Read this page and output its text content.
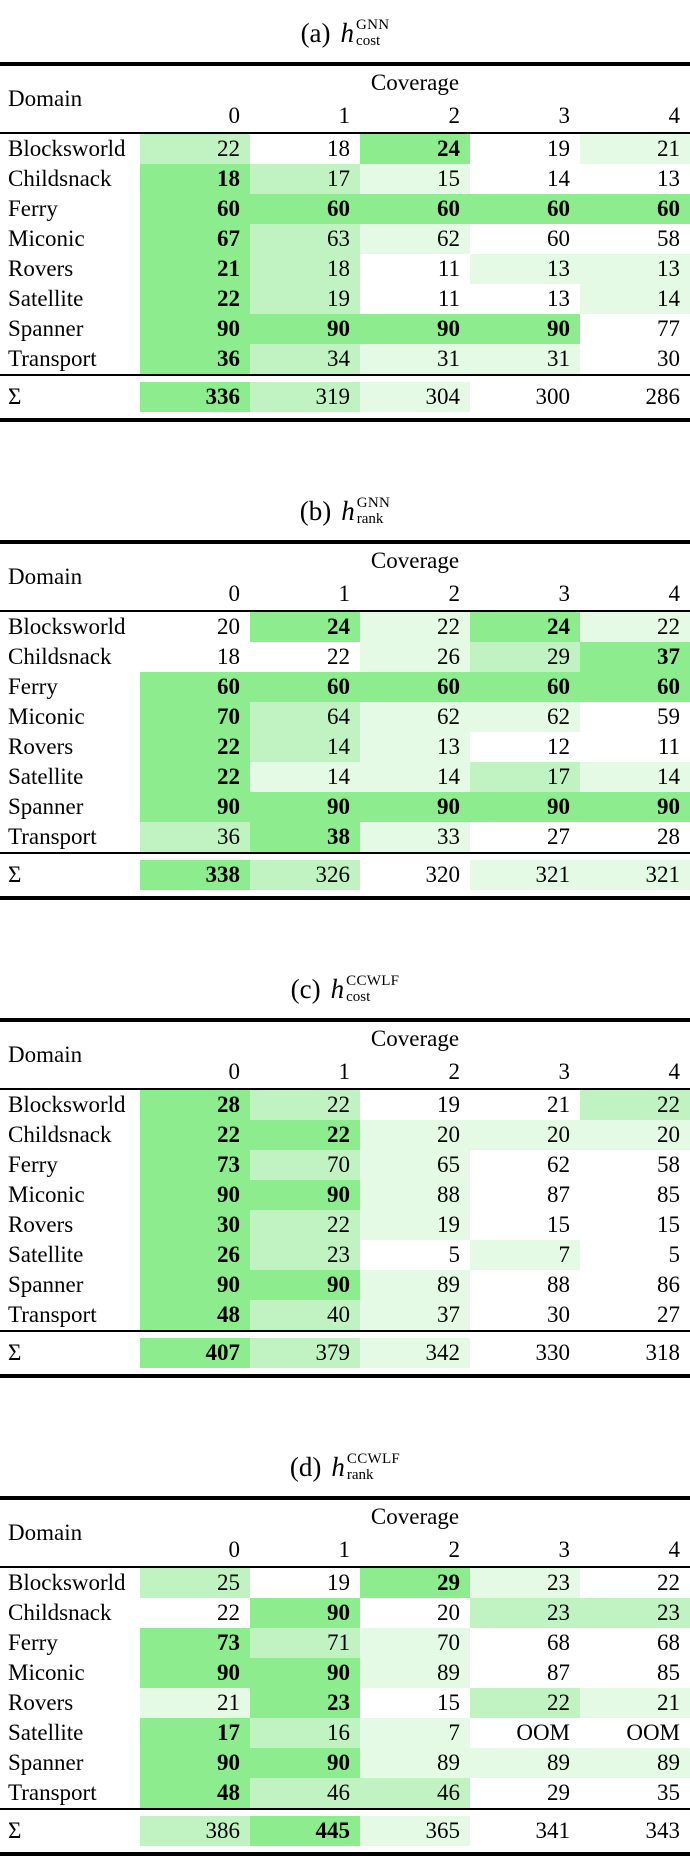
(a) h GNN
cost
Domain
Coverage
0	1	2	3	4
Blocksworld	22	18	24	19	21
Childsnack	18	17	15	14	13
Ferry	60	60	60	60	60
Miconic	67	63	62	60	58
Rovers	21	18	11	13	13
Satellite	22	19	11	13	14
Spanner	90	90	90	90	77
Transport	36	34	31	31	30
Σ	336	319	304	300	286
(b) h GNN
rank
Domain
Coverage
0	1	2	3	4
Blocksworld	20	24	22	24	22
Childsnack	18	22	26	29	37
Ferry	60	60	60	60	60
Miconic	70	64	62	62	59
Rovers	22	14	13	12	11
Satellite	22	14	14	17	14
Spanner	90	90	90	90	90
Transport	36	38	33	27	28
Σ	338	326	320	321	321
(c) h CCWLF
cost
Domain
Coverage
0	1	2	3	4
Blocksworld	28	22	19	21	22
Childsnack	22	22	20	20	20
Ferry	73	70	65	62	58
Miconic	90	90	88	87	85
Rovers	30	22	19	15	15
Satellite	26	23	5	7	5
Spanner	90	90	89	88	86
Transport	48	40	37	30	27
Σ	407	379	342	330	318
(d) h CCWLF
rank
Domain
Coverage
0	1	2	3	4
Blocksworld	25	19	29	23	22
Childsnack	22	90	20	23	23
Ferry	73	71	70	68	68
Miconic	90	90	89	87	85
Rovers	21	23	15	22	21
Satellite	17	16	7	OOM	OOM
Spanner	90	90	89	89	89
Transport	48	46	46	29	35
Σ	386	445	365	341	343
